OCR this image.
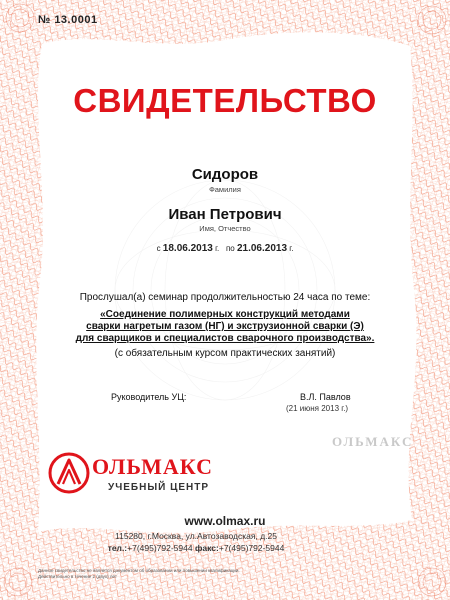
№ 13.0001
СВИДЕТЕЛЬСТВО
Сидоров
Фамилия
Иван Петрович
Имя, Отчество
с 18.06.2013 г. по 21.06.2013 г.
Прослушал(а) семинар продолжительностью 24 часа по теме:
«Соединение полимерных конструкций методами
сварки нагретым газом (НГ) и экструзионной сварки (Э)
для сварщиков и специалистов сварочного производства».
(с обязательным курсом практических занятий)
Руководитель УЦ:	В.Л. Павлов
(21 июня 2013 г.)
ОЛЬМАКС
ОЛЬМАКС
УЧЕБНЫЙ ЦЕНТР
www.olmax.ru
115280, г.Москва, ул.Автозаводская, д.25
тел.:+7(495)792-5944 факс:+7(495)792-5944
Данное свидетельство не является документом об образовании или повышении квалификации.
Действительно в течение 2 (двух) лет
